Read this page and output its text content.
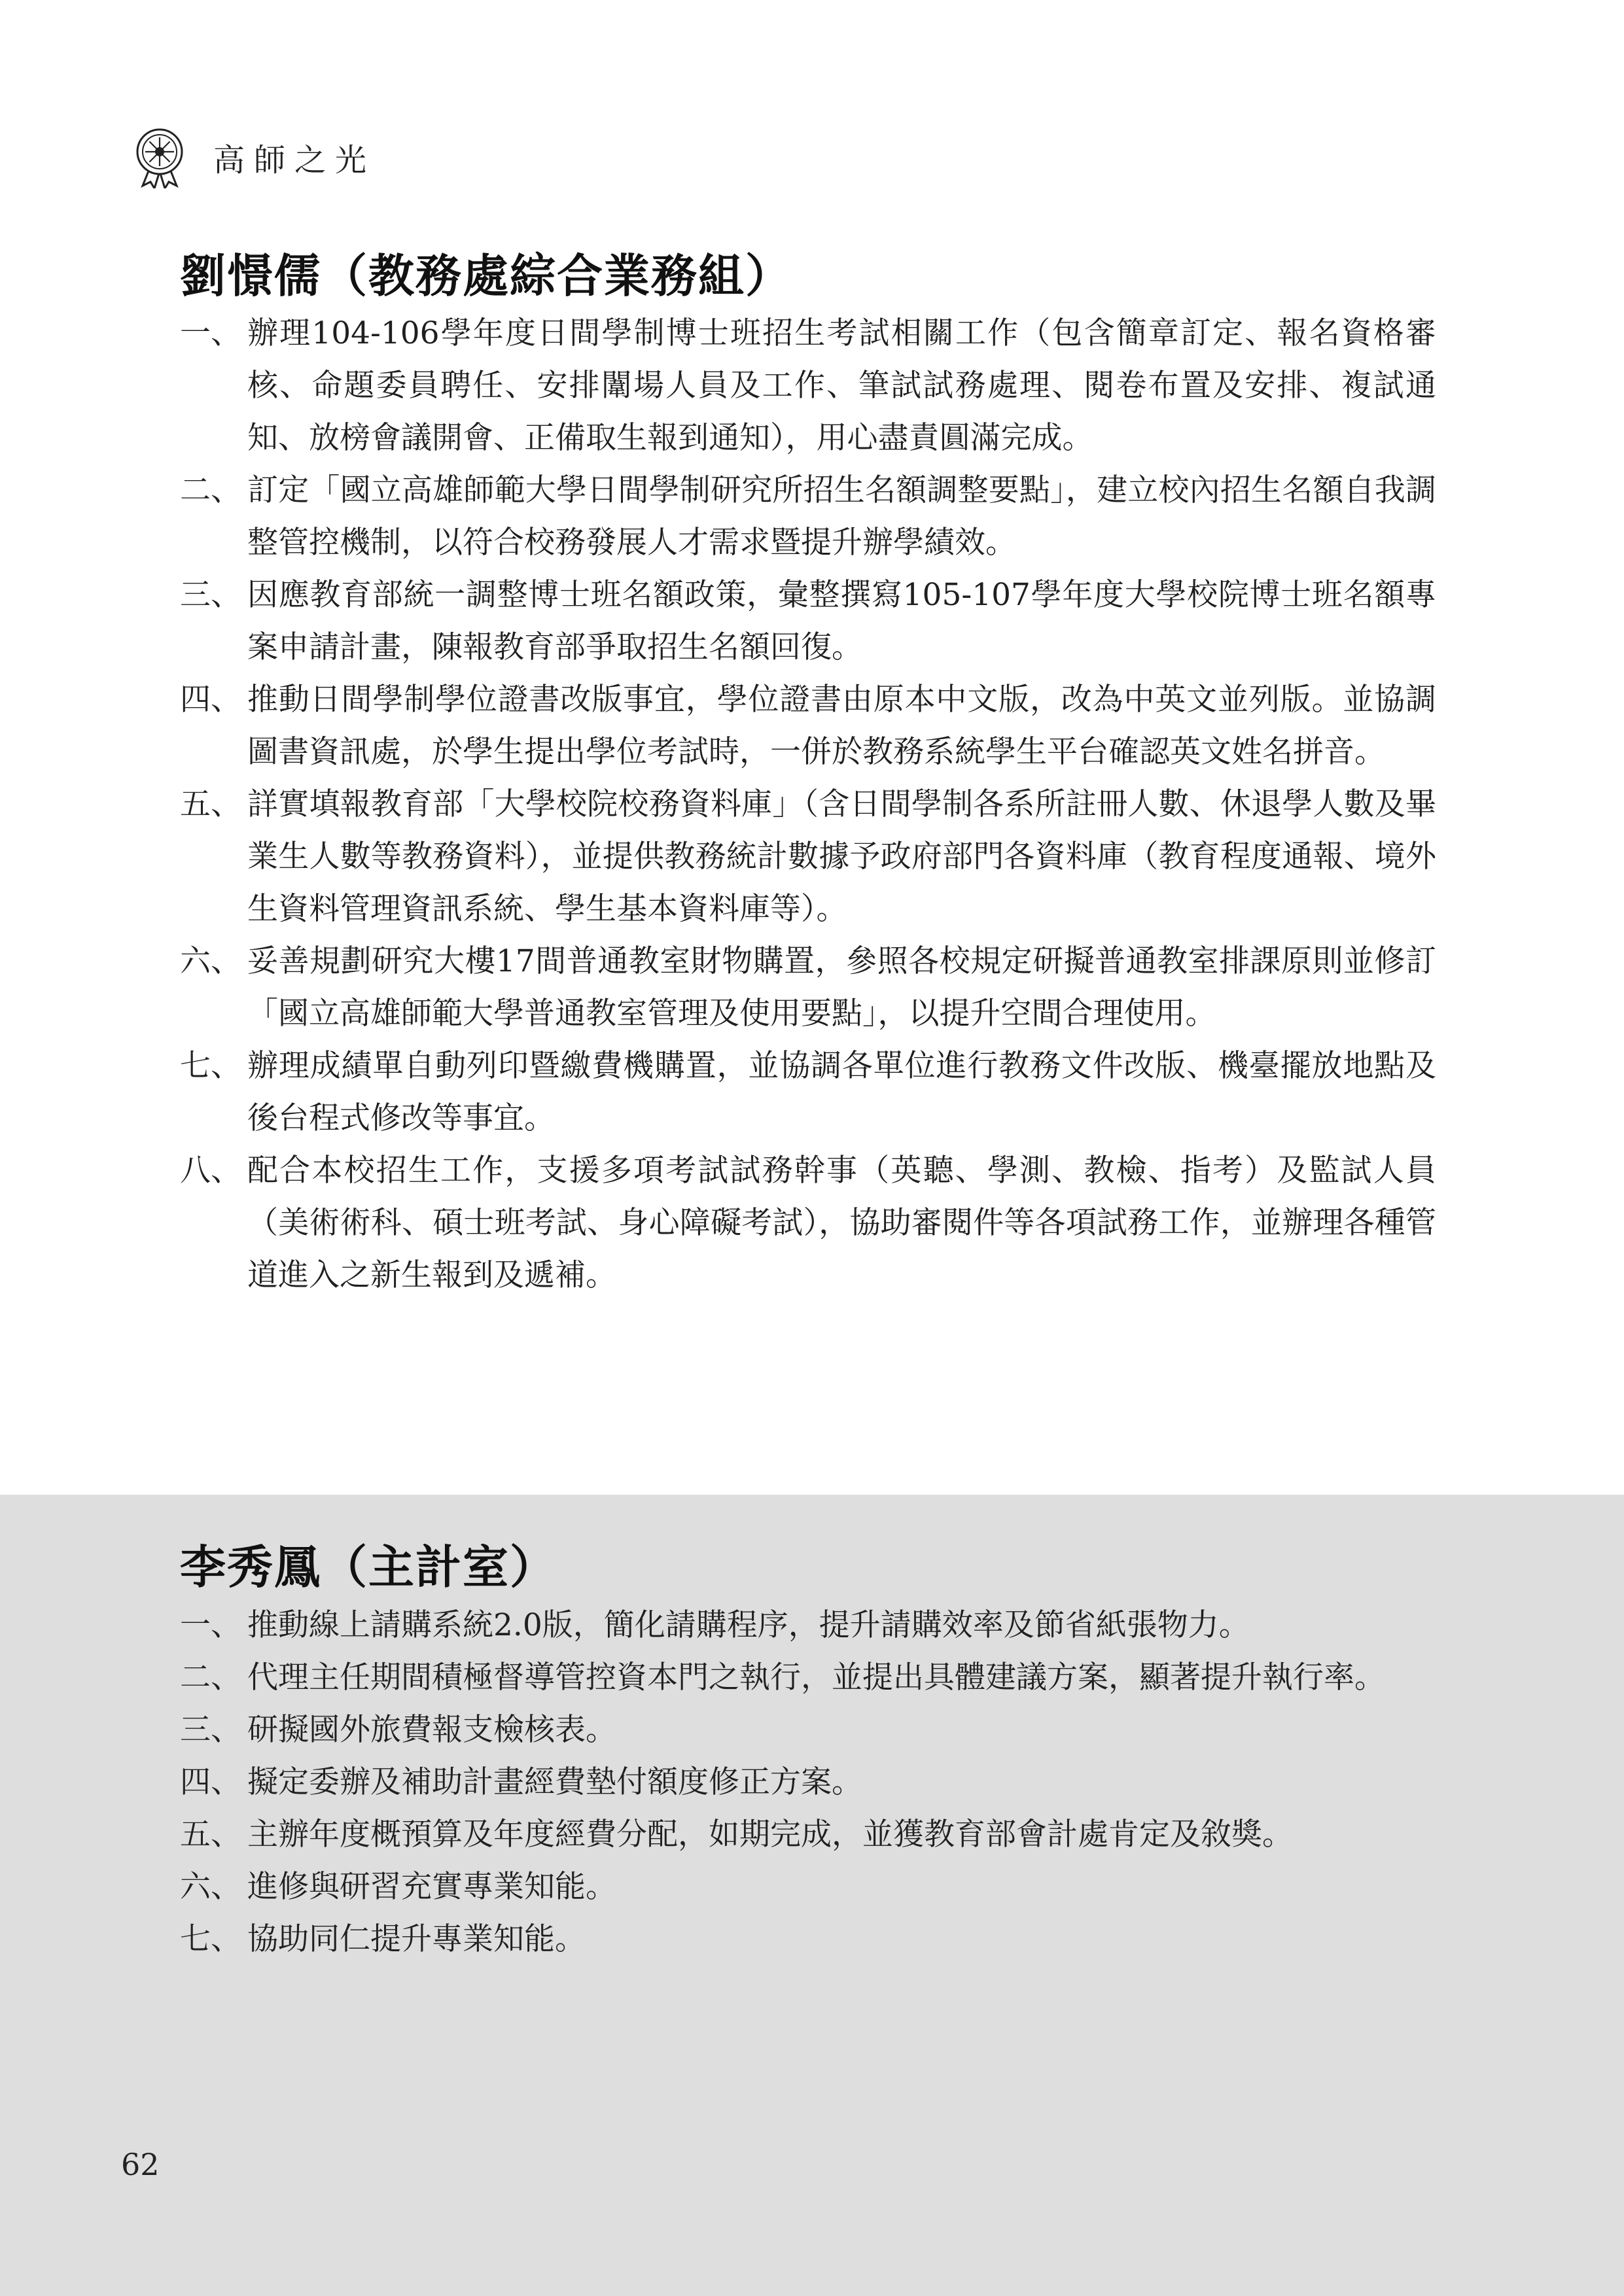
高師之光
劉憬儒（教務處綜合業務組）
一、 辦理104-106學年度日間學制博士班招生考試相關工作（包含簡章訂定、報名資格審核、命題委員聘任、安排闈場人員及工作、筆試試務處理、閱卷布置及安排、複試通知、放榜會議開會、正備取生報到通知），用心盡責圓滿完成。
二、 訂定「國立高雄師範大學日間學制研究所招生名額調整要點」，建立校內招生名額自我調整管控機制，以符合校務發展人才需求暨提升辦學績效。
三、 因應教育部統一調整博士班名額政策，彙整撰寫105-107學年度大學校院博士班名額專案申請計畫，陳報教育部爭取招生名額回復。
四、 推動日間學制學位證書改版事宜，學位證書由原本中文版，改為中英文並列版。並協調圖書資訊處，於學生提出學位考試時，一併於教務系統學生平台確認英文姓名拼音。
五、 詳實填報教育部「大學校院校務資料庫」（含日間學制各系所註冊人數、休退學人數及畢業生人數等教務資料），並提供教務統計數據予政府部門各資料庫（教育程度通報、境外生資料管理資訊系統、學生基本資料庫等）。
六、 妥善規劃研究大樓17間普通教室財物購置，參照各校規定研擬普通教室排課原則並修訂「國立高雄師範大學普通教室管理及使用要點」，以提升空間合理使用。
七、 辦理成績單自動列印暨繳費機購置，並協調各單位進行教務文件改版、機臺擺放地點及後台程式修改等事宜。
八、 配合本校招生工作，支援多項考試試務幹事（英聽、學測、教檢、指考）及監試人員（美術術科、碩士班考試、身心障礙考試），協助審閱件等各項試務工作，並辦理各種管道進入之新生報到及遞補。
李秀鳳（主計室）
一、 推動線上請購系統2.0版，簡化請購程序，提升請購效率及節省紙張物力。
二、 代理主任期間積極督導管控資本門之執行，並提出具體建議方案，顯著提升執行率。
三、 研擬國外旅費報支檢核表。
四、 擬定委辦及補助計畫經費墊付額度修正方案。
五、 主辦年度概預算及年度經費分配，如期完成，並獲教育部會計處肯定及敘獎。
六、 進修與研習充實專業知能。
七、 協助同仁提升專業知能。
62
